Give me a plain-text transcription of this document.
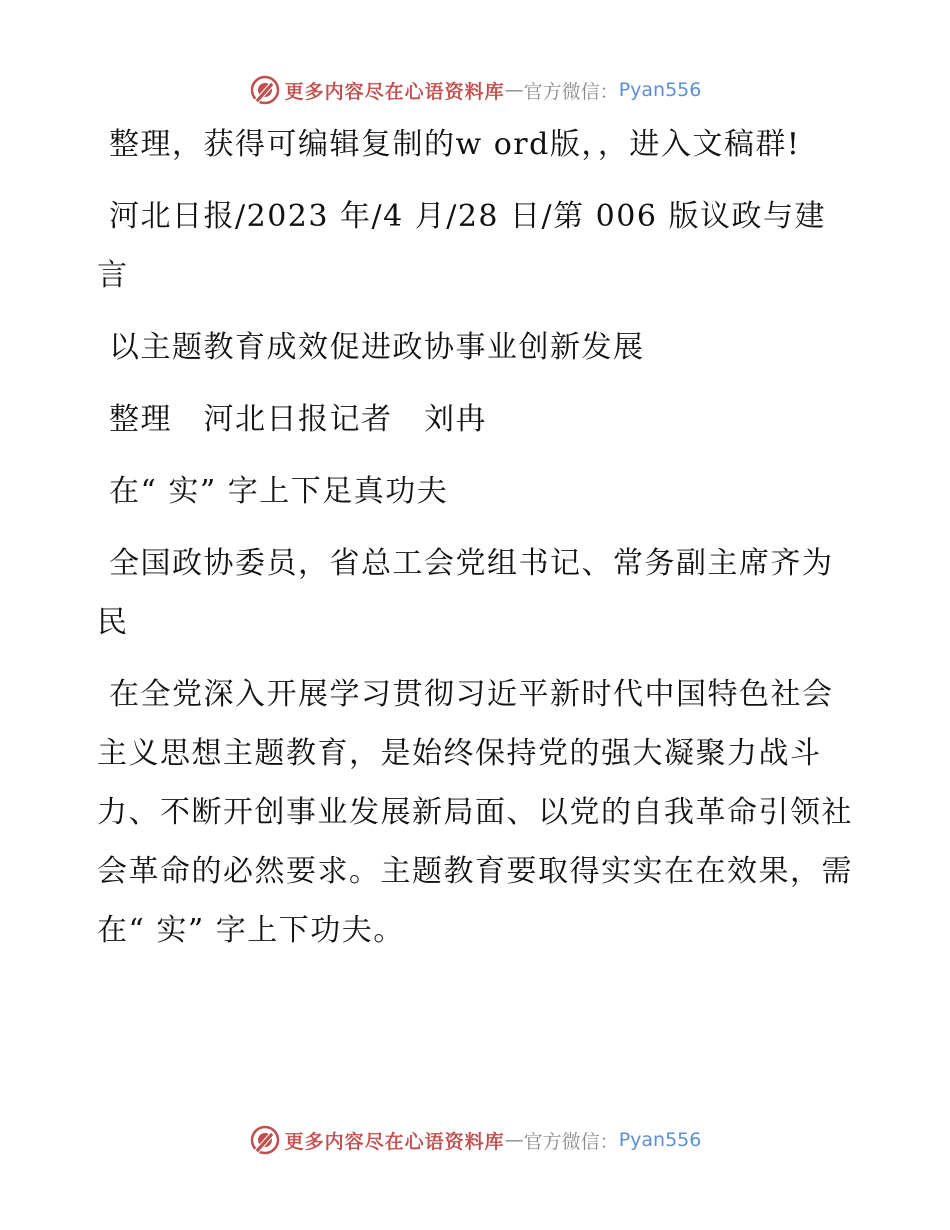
更多内容尽在心语资料库 — 官方微信： Pyan556

整理，获得可编辑复制的w ord版，，进入文稿群!

河北日报/2023 年/4 月/28 日/第 006 版议政与建言

以主题教育成效促进政协事业创新发展

整理　河北日报记者　刘冉

在“ 实” 字上下足真功夫

全国政协委员，省总工会党组书记、常务副主席齐为民

在全党深入开展学习贯彻习近平新时代中国特色社会主义思想主题教育，是始终保持党的强大凝聚力战斗力、不断开创事业发展新局面、以党的自我革命引领社会革命的必然要求。主题教育要取得实实在在效果，需在“ 实” 字上下功夫。

更多内容尽在心语资料库 — 官方微信： Pyan556
